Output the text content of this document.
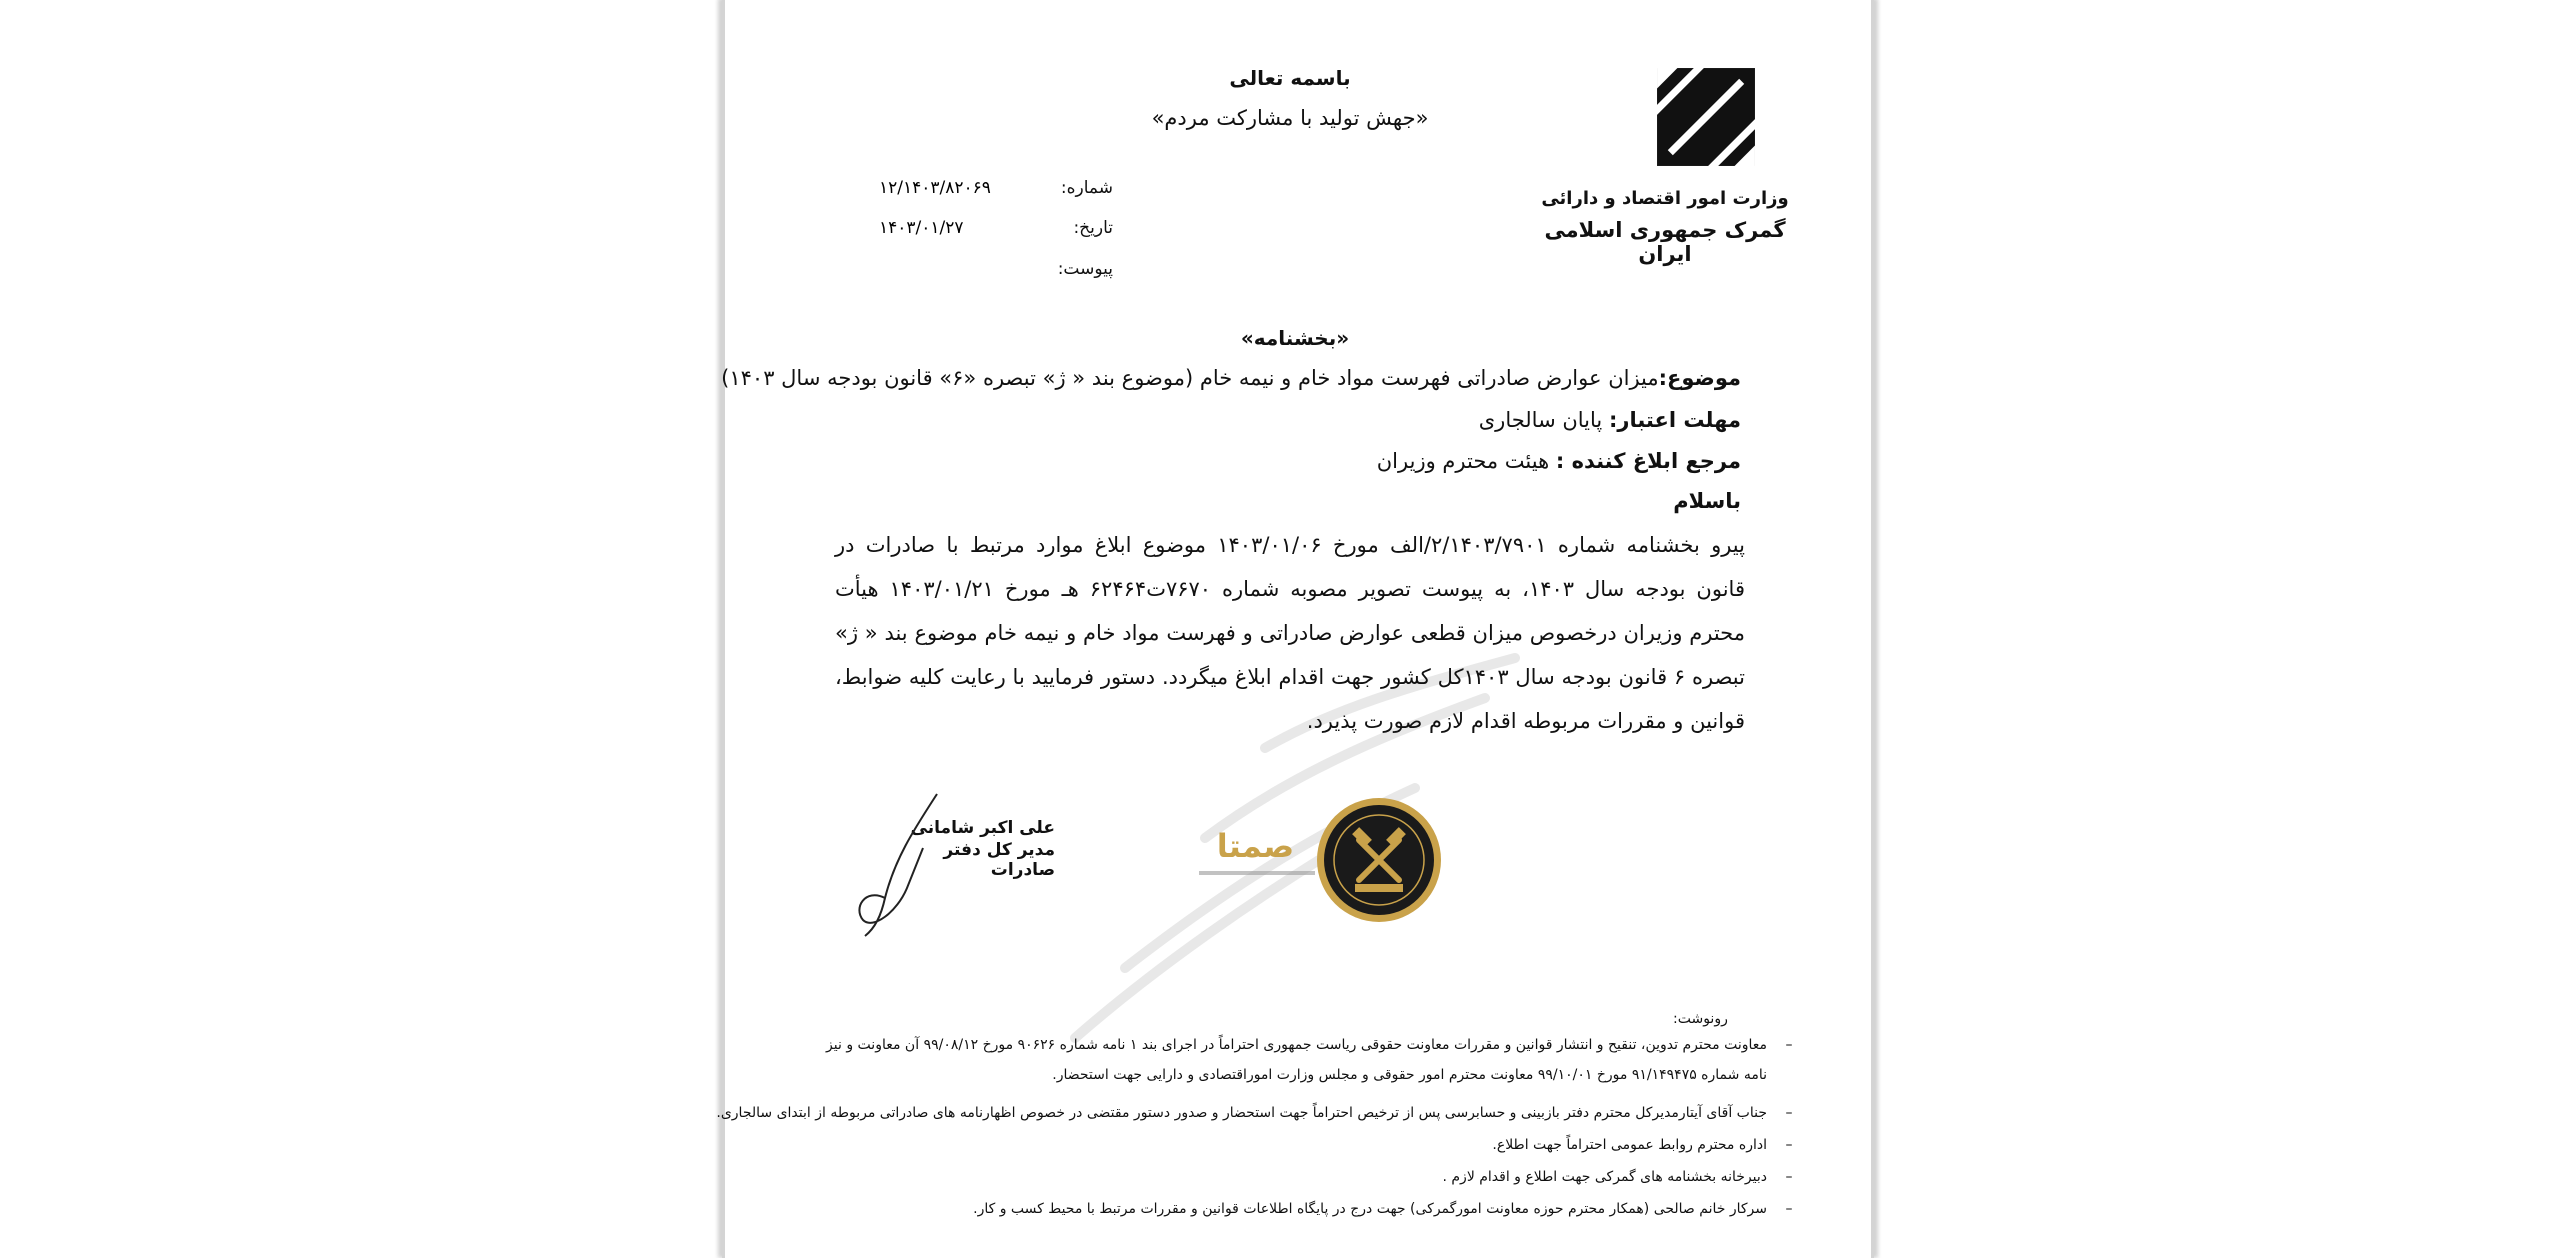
باسمه تعالی
«جهش تولید با مشارکت مردم»
وزارت امور اقتصاد و دارائی
گمرک جمهوری اسلامی ایران
شماره:
۱۲/۱۴۰۳/۸۲۰۶۹
تاریخ:
۱۴۰۳/۰۱/۲۷
پیوست:
«بخشنامه»
موضوع:میزان عوارض صادراتی فهرست مواد خام و نیمه خام (موضوع بند « ژ» تبصره «۶» قانون بودجه سال ۱۴۰۳)
مهلت اعتبار: پایان سالجاری
مرجع ابلاغ کننده : هیئت محترم وزیران
باسلام
پیرو بخشنامه شماره ۲/۱۴۰۳/۷۹۰۱/الف مورخ ۱۴۰۳/۰۱/۰۶ موضوع ابلاغ موارد مرتبط با صادرات در قانون بودجه سال ۱۴۰۳، به پیوست تصویر مصوبه شماره ۷۶۷۰ت۶۲۴۶۴ هـ مورخ ۱۴۰۳/۰۱/۲۱ هیأت محترم وزیران درخصوص میزان قطعی عوارض صادراتی و فهرست مواد خام و نیمه خام موضوع بند « ژ» تبصره ۶ قانون بودجه سال ۱۴۰۳کل کشور جهت اقدام ابلاغ میگردد. دستور فرمایید با رعایت کلیه ضوابط، قوانین و مقررات مربوطه اقدام لازم صورت پذیرد.
صمتا
علی اکبر شامانی
مدیر کل دفتر صادرات
رونوشت:
–معاونت محترم تدوین، تنقیح و انتشار قوانین و مقررات معاونت حقوقی ریاست جمهوری احتراماً در اجرای بند ۱ نامه شماره ۹۰۶۲۶ مورخ ۹۹/۰۸/۱۲ آن معاونت و نیز
نامه شماره ۹۱/۱۴۹۴۷۵ مورخ ۹۹/۱۰/۰۱ معاونت محترم امور حقوقی و مجلس وزارت اموراقتصادی و دارایی جهت استحضار.
–جناب آقای آیتارمدیرکل محترم دفتر بازبینی و حسابرسی پس از ترخیص احتراماً جهت استحضار و صدور دستور مقتضی در خصوص اظهارنامه های صادراتی مربوطه از ابتدای سالجاری.
–اداره محترم روابط عمومی احتراماً جهت اطلاع.
–دبیرخانه بخشنامه های گمرکی جهت اطلاع و اقدام لازم .
–سرکار خانم صالحی (همکار محترم حوزه معاونت امورگمرکی) جهت درج در پایگاه اطلاعات قوانین و مقررات مرتبط با محیط کسب و کار.
